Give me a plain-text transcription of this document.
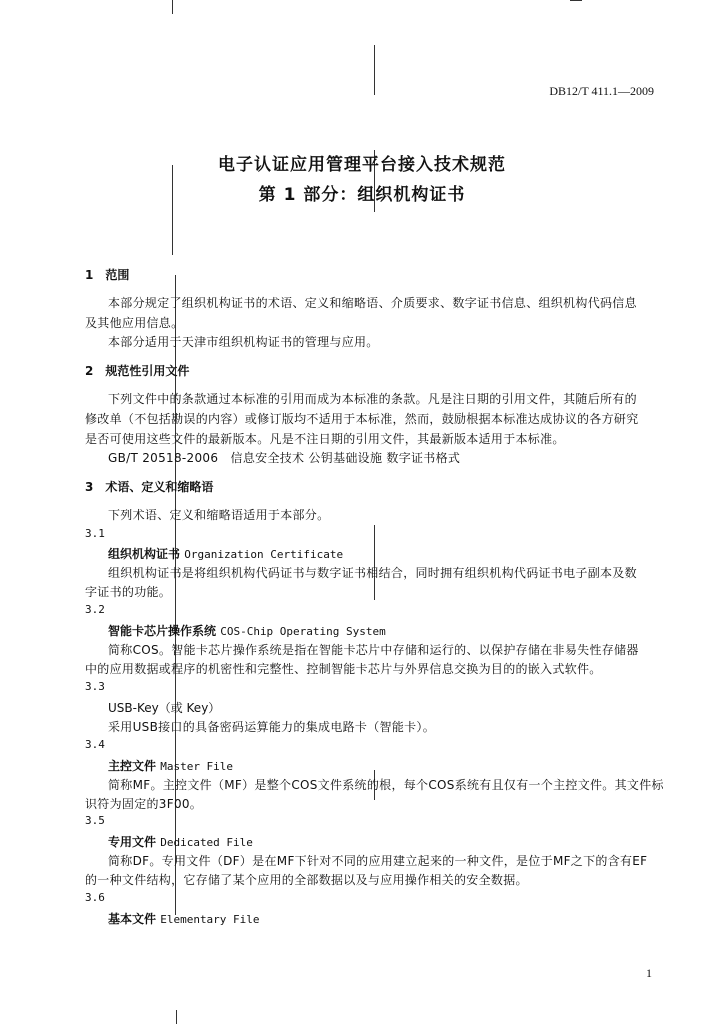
DB12/T 411.1—2009
电子认证应用管理平台接入技术规范
第 1 部分：组织机构证书
1　范围
本部分规定了组织机构证书的术语、定义和缩略语、介质要求、数字证书信息、组织机构代码信息
及其他应用信息。
本部分适用于天津市组织机构证书的管理与应用。
2　规范性引用文件
下列文件中的条款通过本标准的引用而成为本标准的条款。凡是注日期的引用文件，其随后所有的
修改单（不包括勘误的内容）或修订版均不适用于本标准，然而，鼓励根据本标准达成协议的各方研究
是否可使用这些文件的最新版本。凡是不注日期的引用文件，其最新版本适用于本标准。
GB/T 20518-2006　信息安全技术 公钥基础设施 数字证书格式
3　术语、定义和缩略语
下列术语、定义和缩略语适用于本部分。
3.1
组织机构证书 Organization Certificate
组织机构证书是将组织机构代码证书与数字证书相结合，同时拥有组织机构代码证书电子副本及数
字证书的功能。
3.2
智能卡芯片操作系统 COS-Chip Operating System
简称COS。智能卡芯片操作系统是指在智能卡芯片中存储和运行的、以保护存储在非易失性存储器
中的应用数据或程序的机密性和完整性、控制智能卡芯片与外界信息交换为目的的嵌入式软件。
3.3
USB-Key（或 Key）
采用USB接口的具备密码运算能力的集成电路卡（智能卡）。
3.4
主控文件 Master File
简称MF。主控文件（MF）是整个COS文件系统的根，每个COS系统有且仅有一个主控文件。其文件标
识符为固定的3F00。
3.5
专用文件 Dedicated File
简称DF。专用文件（DF）是在MF下针对不同的应用建立起来的一种文件，是位于MF之下的含有EF
的一种文件结构，它存储了某个应用的全部数据以及与应用操作相关的安全数据。
3.6
基本文件 Elementary File
1
